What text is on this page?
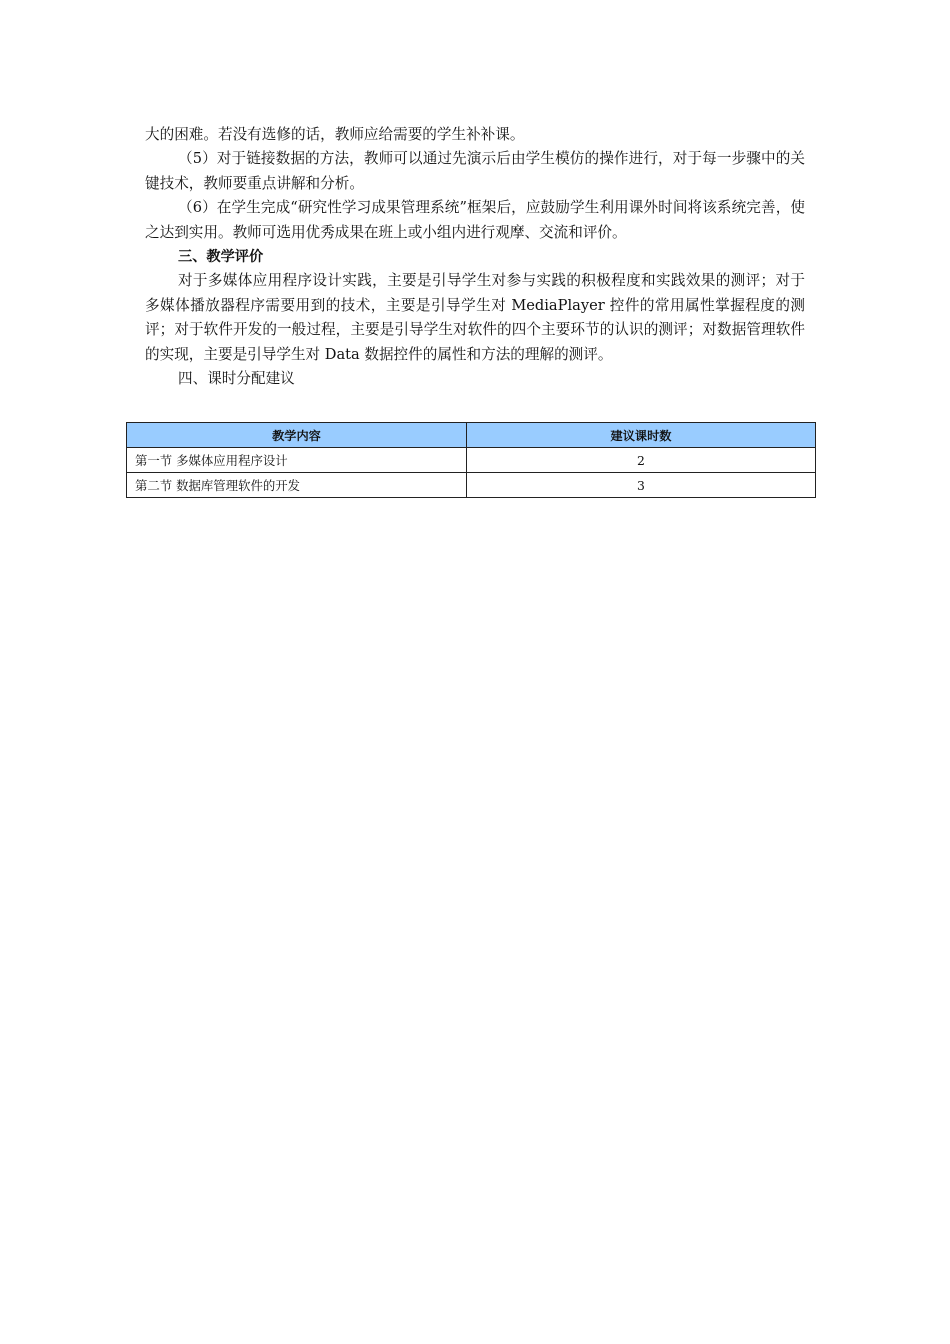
大的困难。若没有选修的话，教师应给需要的学生补补课。

（5）对于链接数据的方法，教师可以通过先演示后由学生模仿的操作进行，对于每一步骤中的关键技术，教师要重点讲解和分析。

（6）在学生完成“研究性学习成果管理系统”框架后，应鼓励学生利用课外时间将该系统完善，使之达到实用。教师可选用优秀成果在班上或小组内进行观摩、交流和评价。

三、教学评价

对于多媒体应用程序设计实践，主要是引导学生对参与实践的积极程度和实践效果的测评；对于多媒体播放器程序需要用到的技术，主要是引导学生对 MediaPlayer 控件的常用属性掌握程度的测评；对于软件开发的一般过程，主要是引导学生对软件的四个主要环节的认识的测评；对数据管理软件的实现，主要是引导学生对 Data 数据控件的属性和方法的理解的测评。

四、课时分配建议

教学内容	建议课时数
第一节 多媒体应用程序设计	2
第二节 数据库管理软件的开发	3
